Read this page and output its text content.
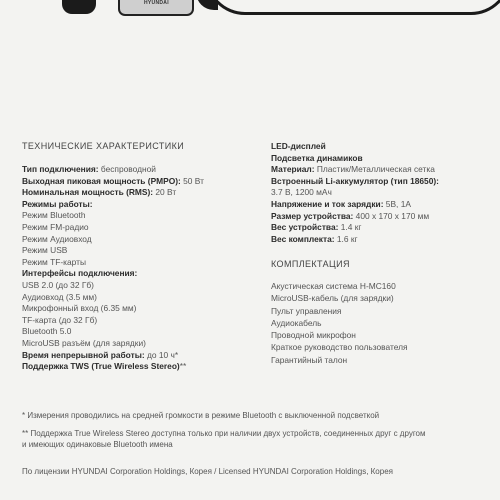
HYUNDAI
ТЕХНИЧЕСКИЕ ХАРАКТЕРИСТИКИ
Тип подключения: беспроводной
Выходная пиковая мощность (PMPO): 50 Вт
Номинальная мощность (RMS): 20 Вт
Режимы работы:
Режим Bluetooth
Режим FM-радио
Режим Аудиовход
Режим USB
Режим TF-карты
Интерфейсы подключения:
USB 2.0 (до 32 Гб)
Аудиовход (3.5 мм)
Микрофонный вход (6.35 мм)
TF-карта (до 32 Гб)
Bluetooth 5.0
MicroUSB разъём (для зарядки)
Время непрерывной работы: до 10 ч*
Поддержка TWS (True Wireless Stereo)**
LED-дисплей
Подсветка динамиков
Материал: Пластик/Металлическая сетка
Встроенный Li-аккумулятор (тип 18650):
3.7 В, 1200 мАч
Напряжение и ток зарядки: 5В, 1А
Размер устройства: 400 х 170 х 170 мм
Вес устройства: 1.4 кг
Вес комплекта: 1.6 кг
КОМПЛЕКТАЦИЯ
Акустическая система H-MC160
MicroUSB-кабель (для зарядки)
Пульт управления
Аудиокабель
Проводной микрофон
Краткое руководство пользователя
Гарантийный талон
* Измерения проводились на средней громкости в режиме Bluetooth с выключенной подсветкой
** Поддержка True Wireless Stereo доступна только при наличии двух устройств, соединенных друг с другом
и имеющих одинаковые Bluetooth имена
По лицензии HYUNDAI Corporation Holdings, Корея / Licensed HYUNDAI Corporation Holdings, Корея
